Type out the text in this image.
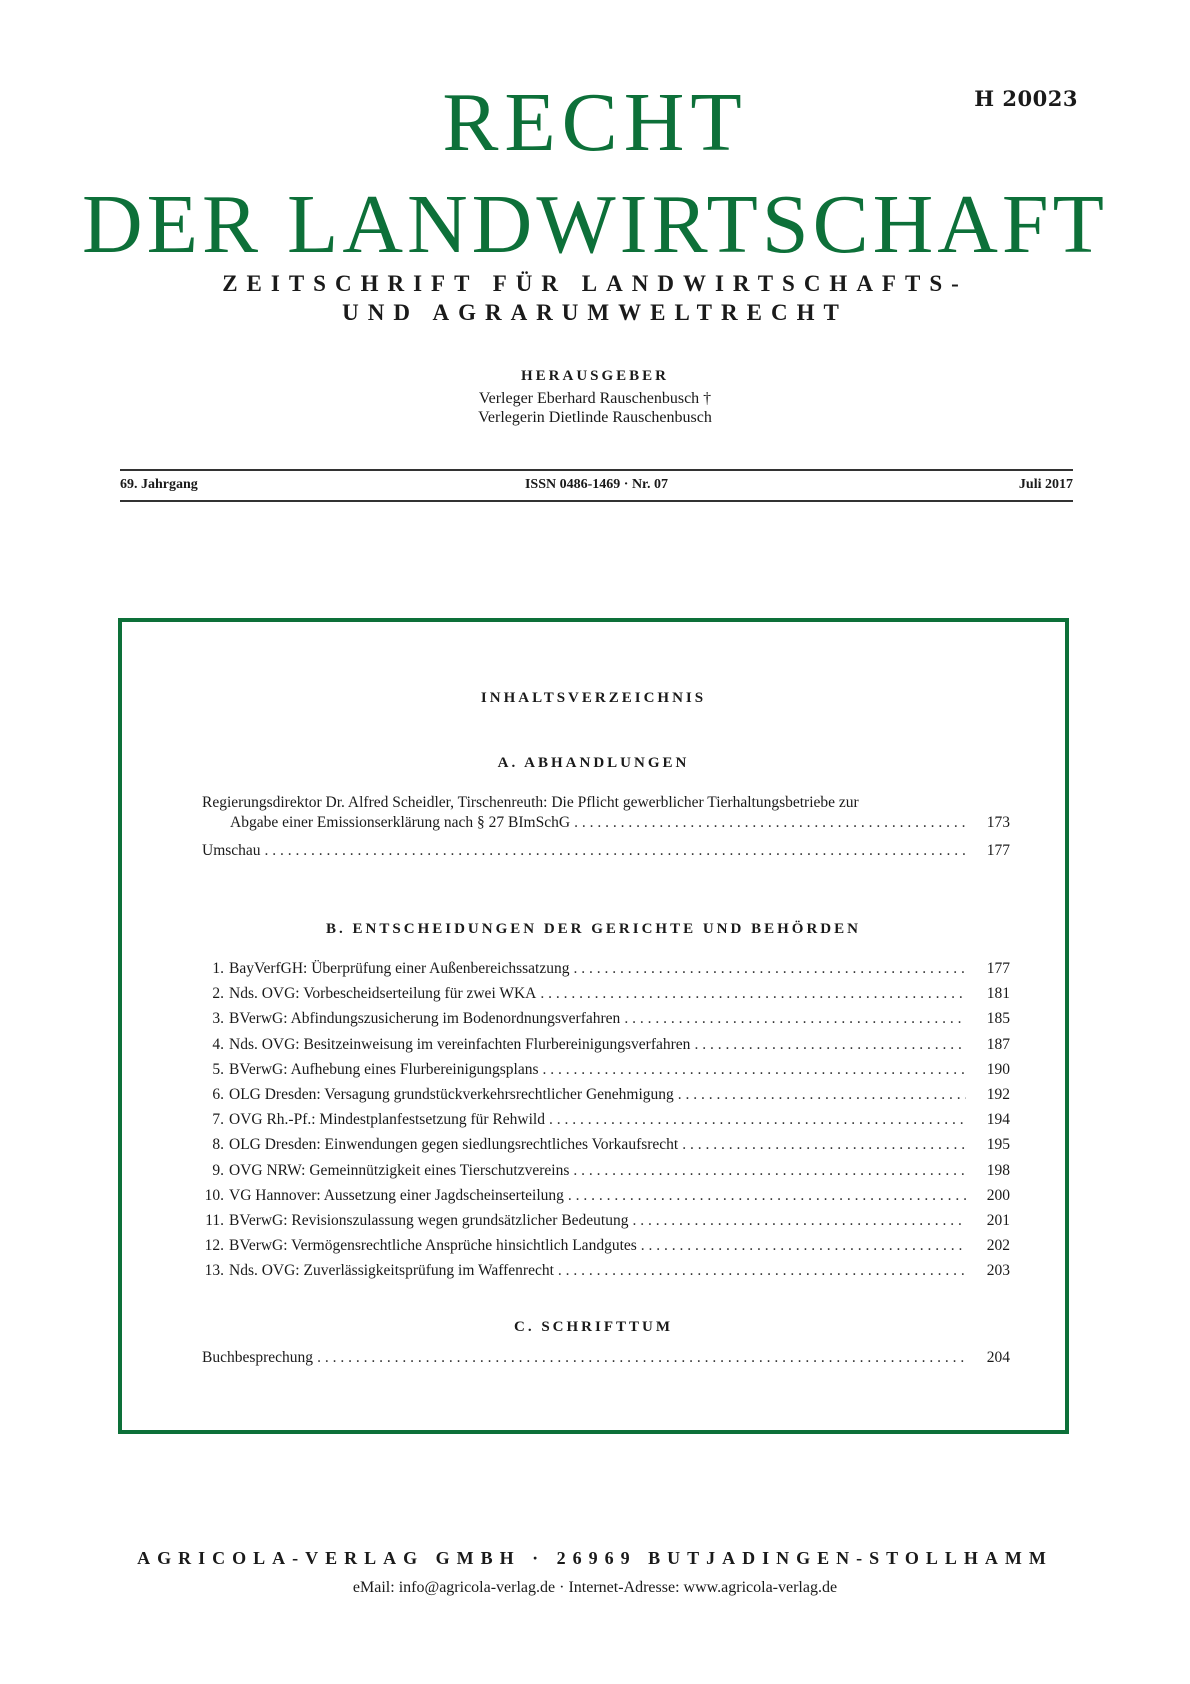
H 20023
RECHT
DER LANDWIRTSCHAFT
ZEITSCHRIFT FÜR LANDWIRTSCHAFTS-
UND AGRARUMWELTRECHT
HERAUSGEBER
Verleger Eberhard Rauschenbusch †
Verlegerin Dietlinde Rauschenbusch
69. Jahrgang	ISSN 0486-1469 · Nr. 07	Juli 2017
INHALTSVERZEICHNIS
A. ABHANDLUNGEN
Regierungsdirektor Dr. Alfred Scheidler, Tirschenreuth: Die Pflicht gewerblicher Tierhaltungsbetriebe zur
Abgabe einer Emissionserklärung nach § 27 BImSchG . . .	173
Umschau . . .	177
B. ENTSCHEIDUNGEN DER GERICHTE UND BEHÖRDEN
1. BayVerfGH: Überprüfung einer Außenbereichssatzung . . .	177
2. Nds. OVG: Vorbescheidserteilung für zwei WKA . . .	181
3. BVerwG: Abfindungszusicherung im Bodenordnungsverfahren . . .	185
4. Nds. OVG: Besitzeinweisung im vereinfachten Flurbereinigungsverfahren . . .	187
5. BVerwG: Aufhebung eines Flurbereinigungsplans . . .	190
6. OLG Dresden: Versagung grundstückverkehrsrechtlicher Genehmigung . . .	192
7. OVG Rh.-Pf.: Mindestplanfestsetzung für Rehwild . . .	194
8. OLG Dresden: Einwendungen gegen siedlungsrechtliches Vorkaufsrecht . . .	195
9. OVG NRW: Gemeinnützigkeit eines Tierschutzvereins . . .	198
10. VG Hannover: Aussetzung einer Jagdscheinserteilung . . .	200
11. BVerwG: Revisionszulassung wegen grundsätzlicher Bedeutung . . .	201
12. BVerwG: Vermögensrechtliche Ansprüche hinsichtlich Landgutes . . .	202
13. Nds. OVG: Zuverlässigkeitsprüfung im Waffenrecht . . .	203
C. SCHRIFTTUM
Buchbesprechung . . .	204
AGRICOLA-VERLAG GMBH · 26969 BUTJADINGEN-STOLLHAMM
eMail: info@agricola-verlag.de · Internet-Adresse: www.agricola-verlag.de
